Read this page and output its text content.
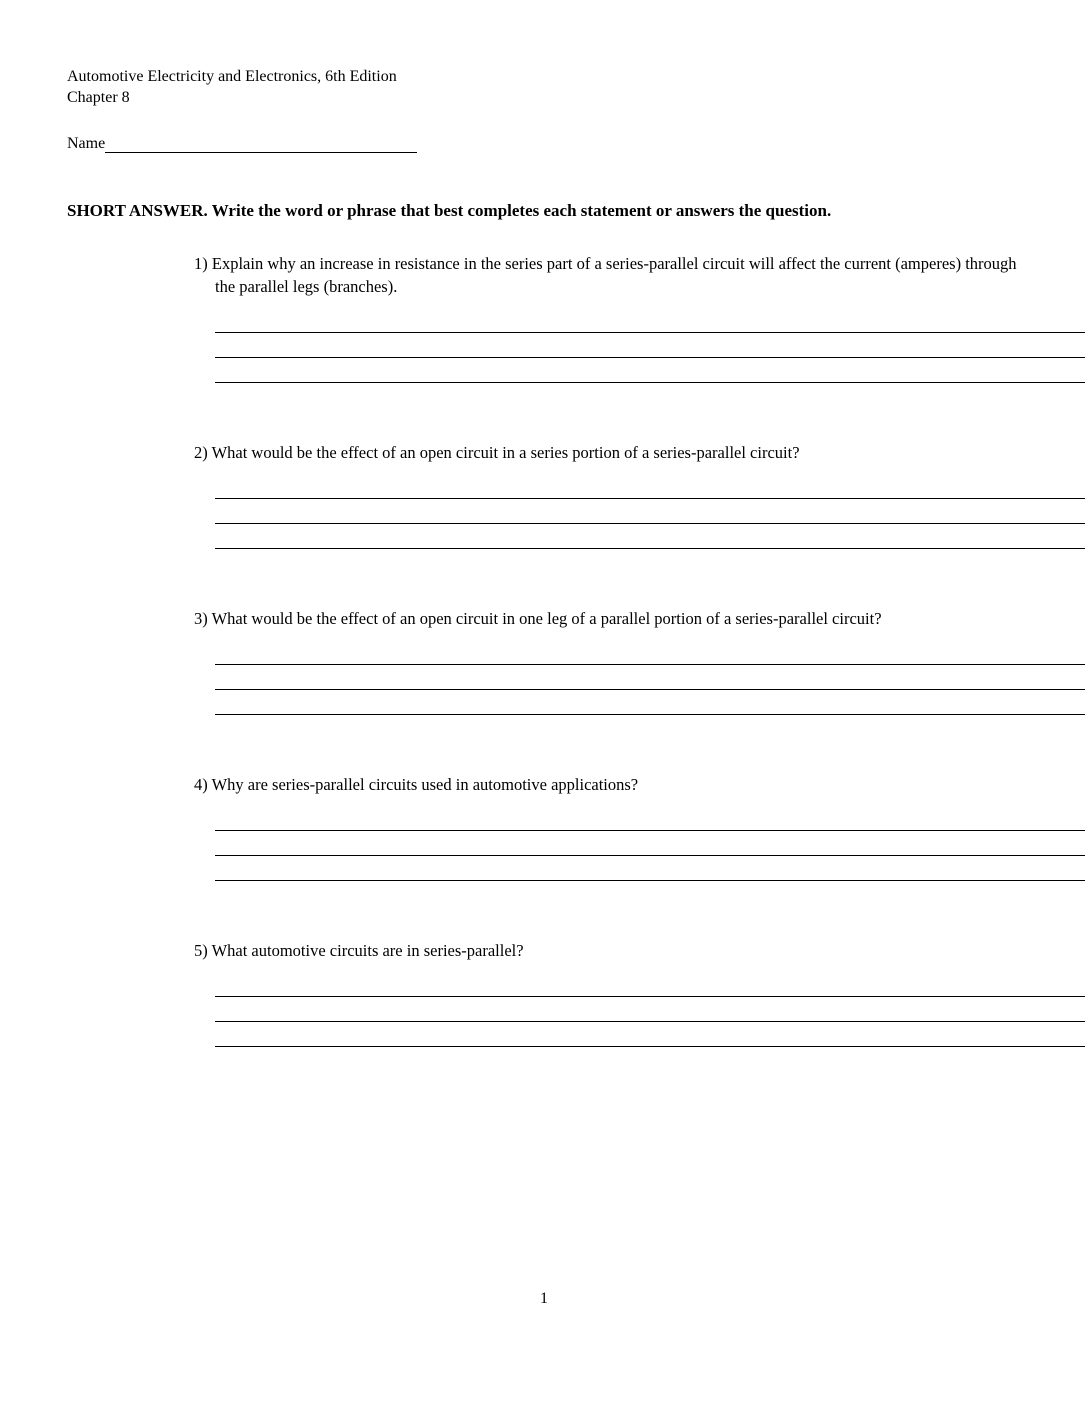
Automotive Electricity and Electronics, 6th Edition
Chapter 8
Name
SHORT ANSWER. Write the word or phrase that best completes each statement or answers the question.
1) Explain why an increase in resistance in the series part of a series-parallel circuit will affect the current (amperes) through the parallel legs (branches).
2) What would be the effect of an open circuit in a series portion of a series-parallel circuit?
3) What would be the effect of an open circuit in one leg of a parallel portion of a series-parallel circuit?
4) Why are series-parallel circuits used in automotive applications?
5) What automotive circuits are in series-parallel?
1
